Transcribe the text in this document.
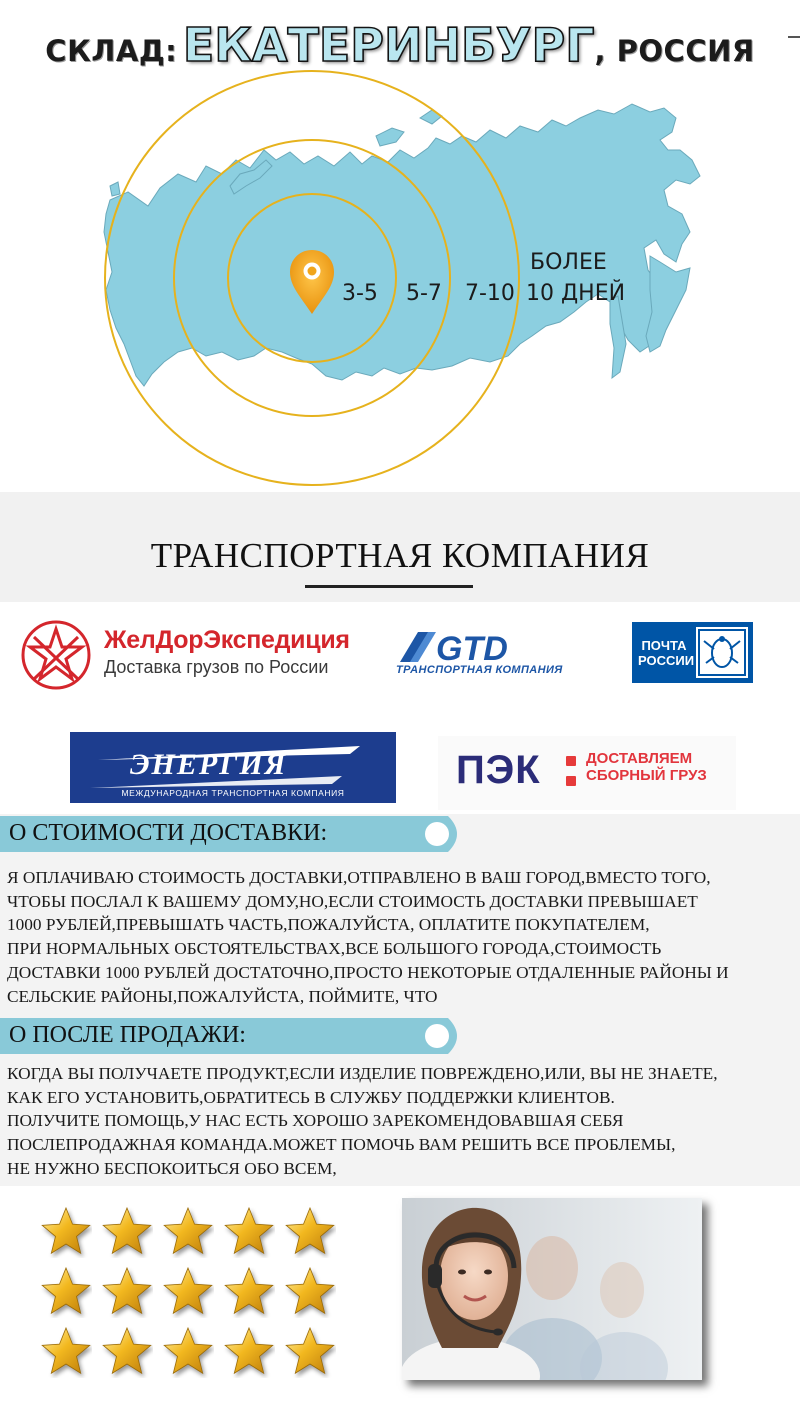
СКЛАД: ЕКАТЕРИНБУРГ, РОССИЯ
3-5 5-7 7-10
БОЛЕЕ
10 ДНЕЙ
ТРАНСПОРТНАЯ КОМПАНИЯ
ЖелДорЭкспедиция
Доставка грузов по России	GTD
ТРАНСПОРТНАЯ КОМПАНИЯ
ПОЧТА
РОССИИ
ЭНЕРГИЯ
МЕЖДУНАРОДНАЯ ТРАНСПОРТНАЯ КОМПАНИЯ
ПЭК	ДОСТАВЛЯЕМ
СБОРНЫЙ ГРУЗ
О СТОИМОСТИ ДОСТАВКИ:
Я ОПЛАЧИВАЮ СТОИМОСТЬ ДОСТАВКИ,ОТПРАВЛЕНО В ВАШ ГОРОД,ВМЕСТО ТОГО,
ЧТОБЫ ПОСЛАЛ К ВАШЕМУ ДОМУ,НО,ЕСЛИ СТОИМОСТЬ ДОСТАВКИ ПРЕВЫШАЕТ
1000 РУБЛЕЙ,ПРЕВЫШАТЬ ЧАСТЬ,ПОЖАЛУЙСТА, ОПЛАТИТЕ ПОКУПАТЕЛЕМ,
ПРИ НОРМАЛЬНЫХ ОБСТОЯТЕЛЬСТВАХ,ВСЕ БОЛЬШОГО ГОРОДА,СТОИМОСТЬ
ДОСТАВКИ 1000 РУБЛЕЙ ДОСТАТОЧНО,ПРОСТО НЕКОТОРЫЕ ОТДАЛЕННЫЕ РАЙОНЫ И
СЕЛЬСКИЕ РАЙОНЫ,ПОЖАЛУЙСТА, ПОЙМИТЕ, ЧТО
О ПОСЛЕ ПРОДАЖИ:
КОГДА ВЫ ПОЛУЧАЕТЕ ПРОДУКТ,ЕСЛИ ИЗДЕЛИЕ ПОВРЕЖДЕНО,ИЛИ, ВЫ НЕ ЗНАЕТЕ,
КАК ЕГО УСТАНОВИТЬ,ОБРАТИТЕСЬ В СЛУЖБУ ПОДДЕРЖКИ КЛИЕНТОВ.
ПОЛУЧИТЕ ПОМОЩЬ,У НАС ЕСТЬ ХОРОШО ЗАРЕКОМЕНДОВАВШАЯ СЕБЯ
ПОСЛЕПРОДАЖНАЯ КОМАНДА.МОЖЕТ ПОМОЧЬ ВАМ РЕШИТЬ ВСЕ ПРОБЛЕМЫ,
НЕ НУЖНО БЕСПОКОИТЬСЯ ОБО ВСЕМ,
